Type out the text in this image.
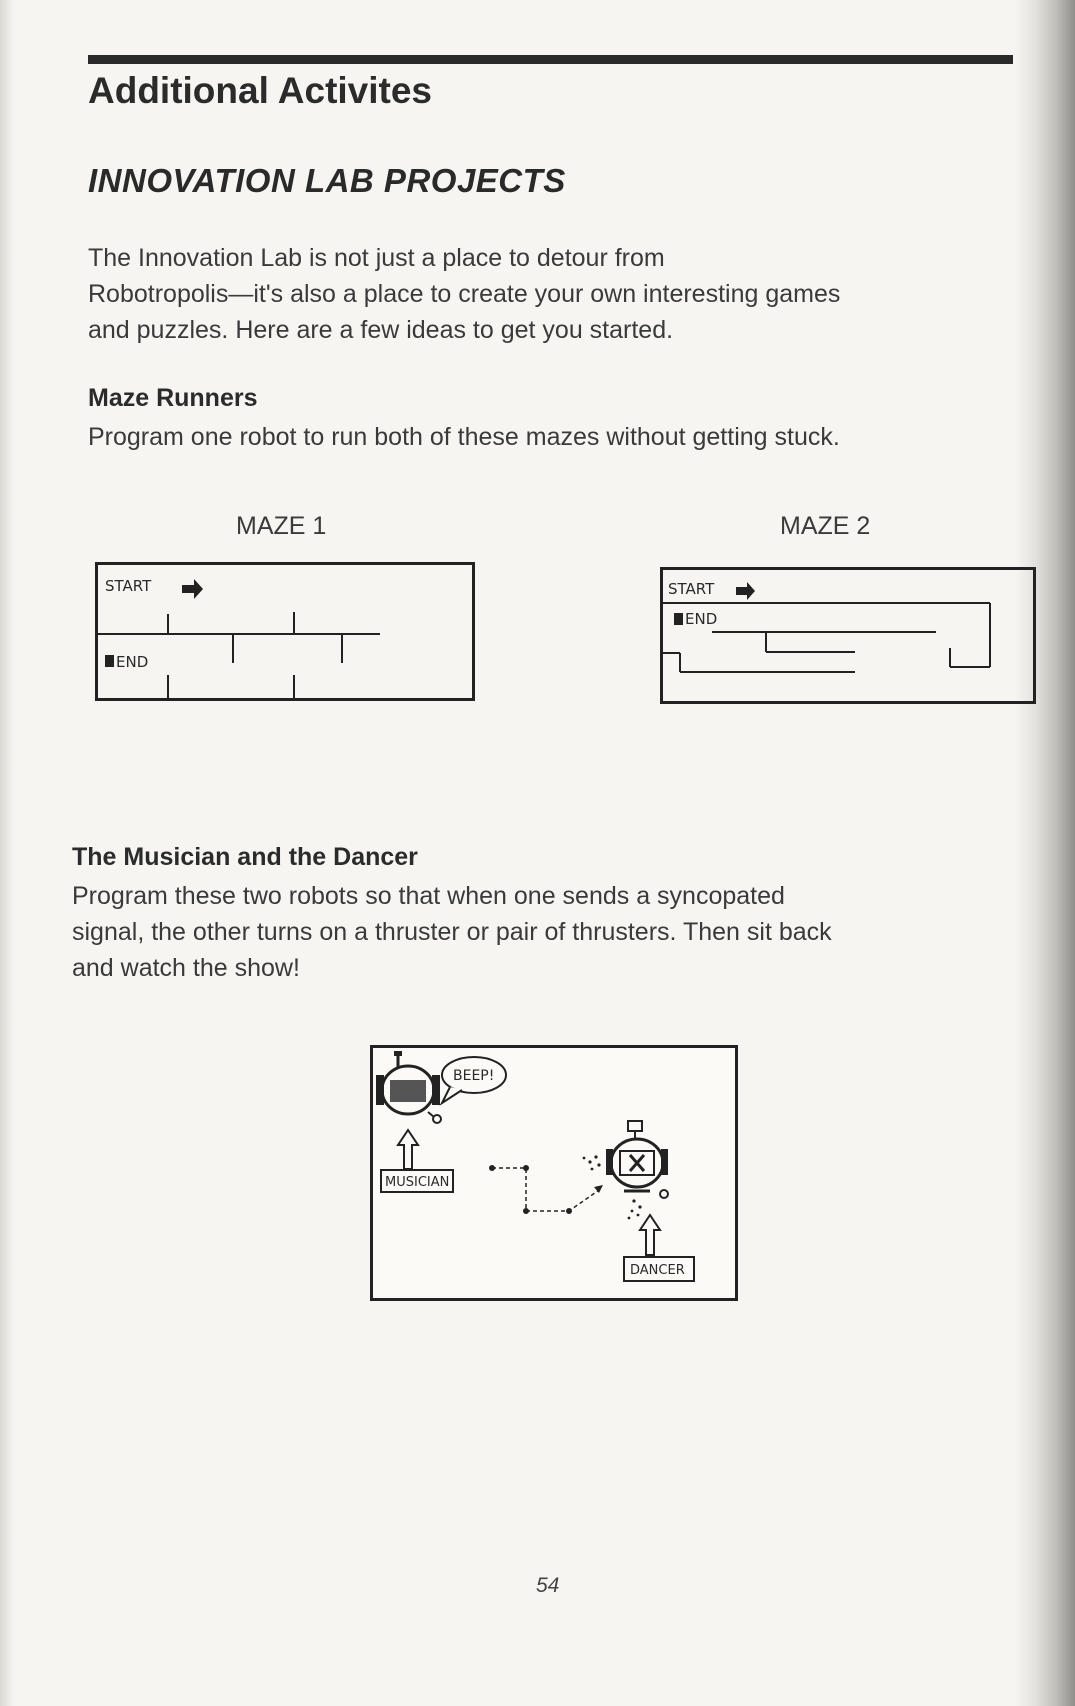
Additional Activites
INNOVATION LAB PROJECTS

The Innovation Lab is not just a place to detour from

Robotropolis—it's also a place to create your own interesting games

and puzzles. Here are a few ideas to get you started.

Maze Runners

Program one robot to run both of these mazes without getting stuck.

MAZE 1	MAZE 2
START
END
START
END
The Musician and the Dancer

Program these two robots so that when one sends a syncopated

signal, the other turns on a thruster or pair of thrusters. Then sit back

and watch the show!

BEEP!
MUSICIAN
DANCER
54
